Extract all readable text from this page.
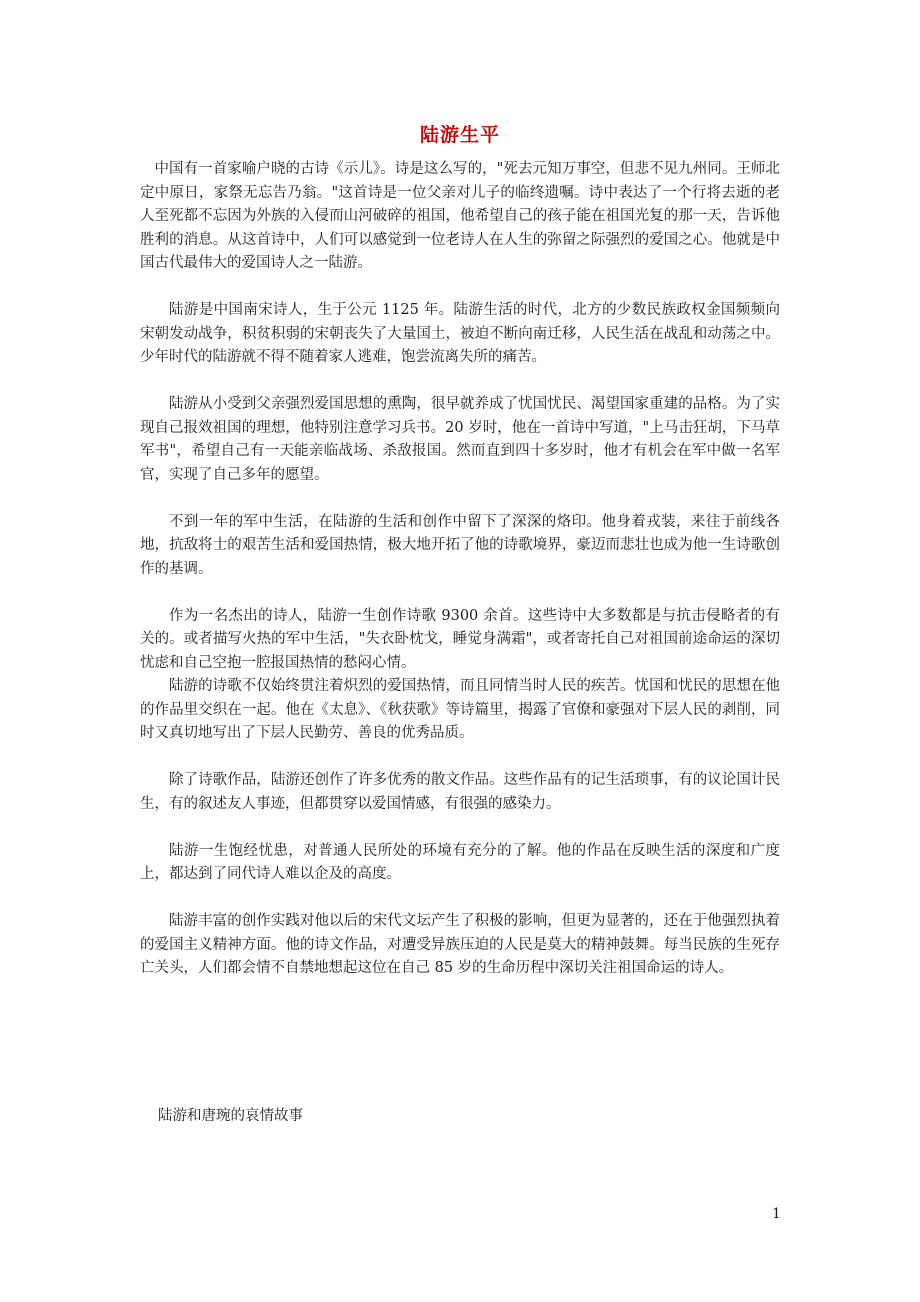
陆游生平

中国有一首家喻户晓的古诗《示儿》。诗是这么写的，"死去元知万事空，但悲不见九州同。王师北定中原日，家祭无忘告乃翁。"这首诗是一位父亲对儿子的临终遗嘱。诗中表达了一个行将去逝的老人至死都不忘因为外族的入侵而山河破碎的祖国，他希望自己的孩子能在祖国光复的那一天，告诉他胜利的消息。从这首诗中，人们可以感觉到一位老诗人在人生的弥留之际强烈的爱国之心。他就是中国古代最伟大的爱国诗人之一陆游。

陆游是中国南宋诗人，生于公元 1125 年。陆游生活的时代，北方的少数民族政权金国频频向宋朝发动战争，积贫积弱的宋朝丧失了大量国土，被迫不断向南迁移，人民生活在战乱和动荡之中。少年时代的陆游就不得不随着家人逃难，饱尝流离失所的痛苦。

陆游从小受到父亲强烈爱国思想的熏陶，很早就养成了忧国忧民、渴望国家重建的品格。为了实现自己报效祖国的理想，他特别注意学习兵书。20 岁时，他在一首诗中写道，"上马击狂胡，下马草军书"，希望自己有一天能亲临战场、杀敌报国。然而直到四十多岁时，他才有机会在军中做一名军官，实现了自己多年的愿望。

不到一年的军中生活，在陆游的生活和创作中留下了深深的烙印。他身着戎装，来往于前线各地，抗敌将士的艰苦生活和爱国热情，极大地开拓了他的诗歌境界，豪迈而悲壮也成为他一生诗歌创作的基调。

作为一名杰出的诗人，陆游一生创作诗歌 9300 余首。这些诗中大多数都是与抗击侵略者的有关的。或者描写火热的军中生活，"失衣卧枕戈，睡觉身满霜"，或者寄托自己对祖国前途命运的深切忧虑和自己空抱一腔报国热情的愁闷心情。

陆游的诗歌不仅始终贯注着炽烈的爱国热情，而且同情当时人民的疾苦。忧国和忧民的思想在他的作品里交织在一起。他在《太息》、《秋获歌》等诗篇里，揭露了官僚和豪强对下层人民的剥削，同时又真切地写出了下层人民勤劳、善良的优秀品质。

除了诗歌作品，陆游还创作了许多优秀的散文作品。这些作品有的记生活琐事，有的议论国计民生，有的叙述友人事迹，但都贯穿以爱国情感，有很强的感染力。

陆游一生饱经忧患，对普通人民所处的环境有充分的了解。他的作品在反映生活的深度和广度上，都达到了同代诗人难以企及的高度。

陆游丰富的创作实践对他以后的宋代文坛产生了积极的影响，但更为显著的，还在于他强烈执着的爱国主义精神方面。他的诗文作品，对遭受异族压迫的人民是莫大的精神鼓舞。每当民族的生死存亡关头，人们都会情不自禁地想起这位在自己 85 岁的生命历程中深切关注祖国命运的诗人。

陆游和唐琬的哀情故事
1
